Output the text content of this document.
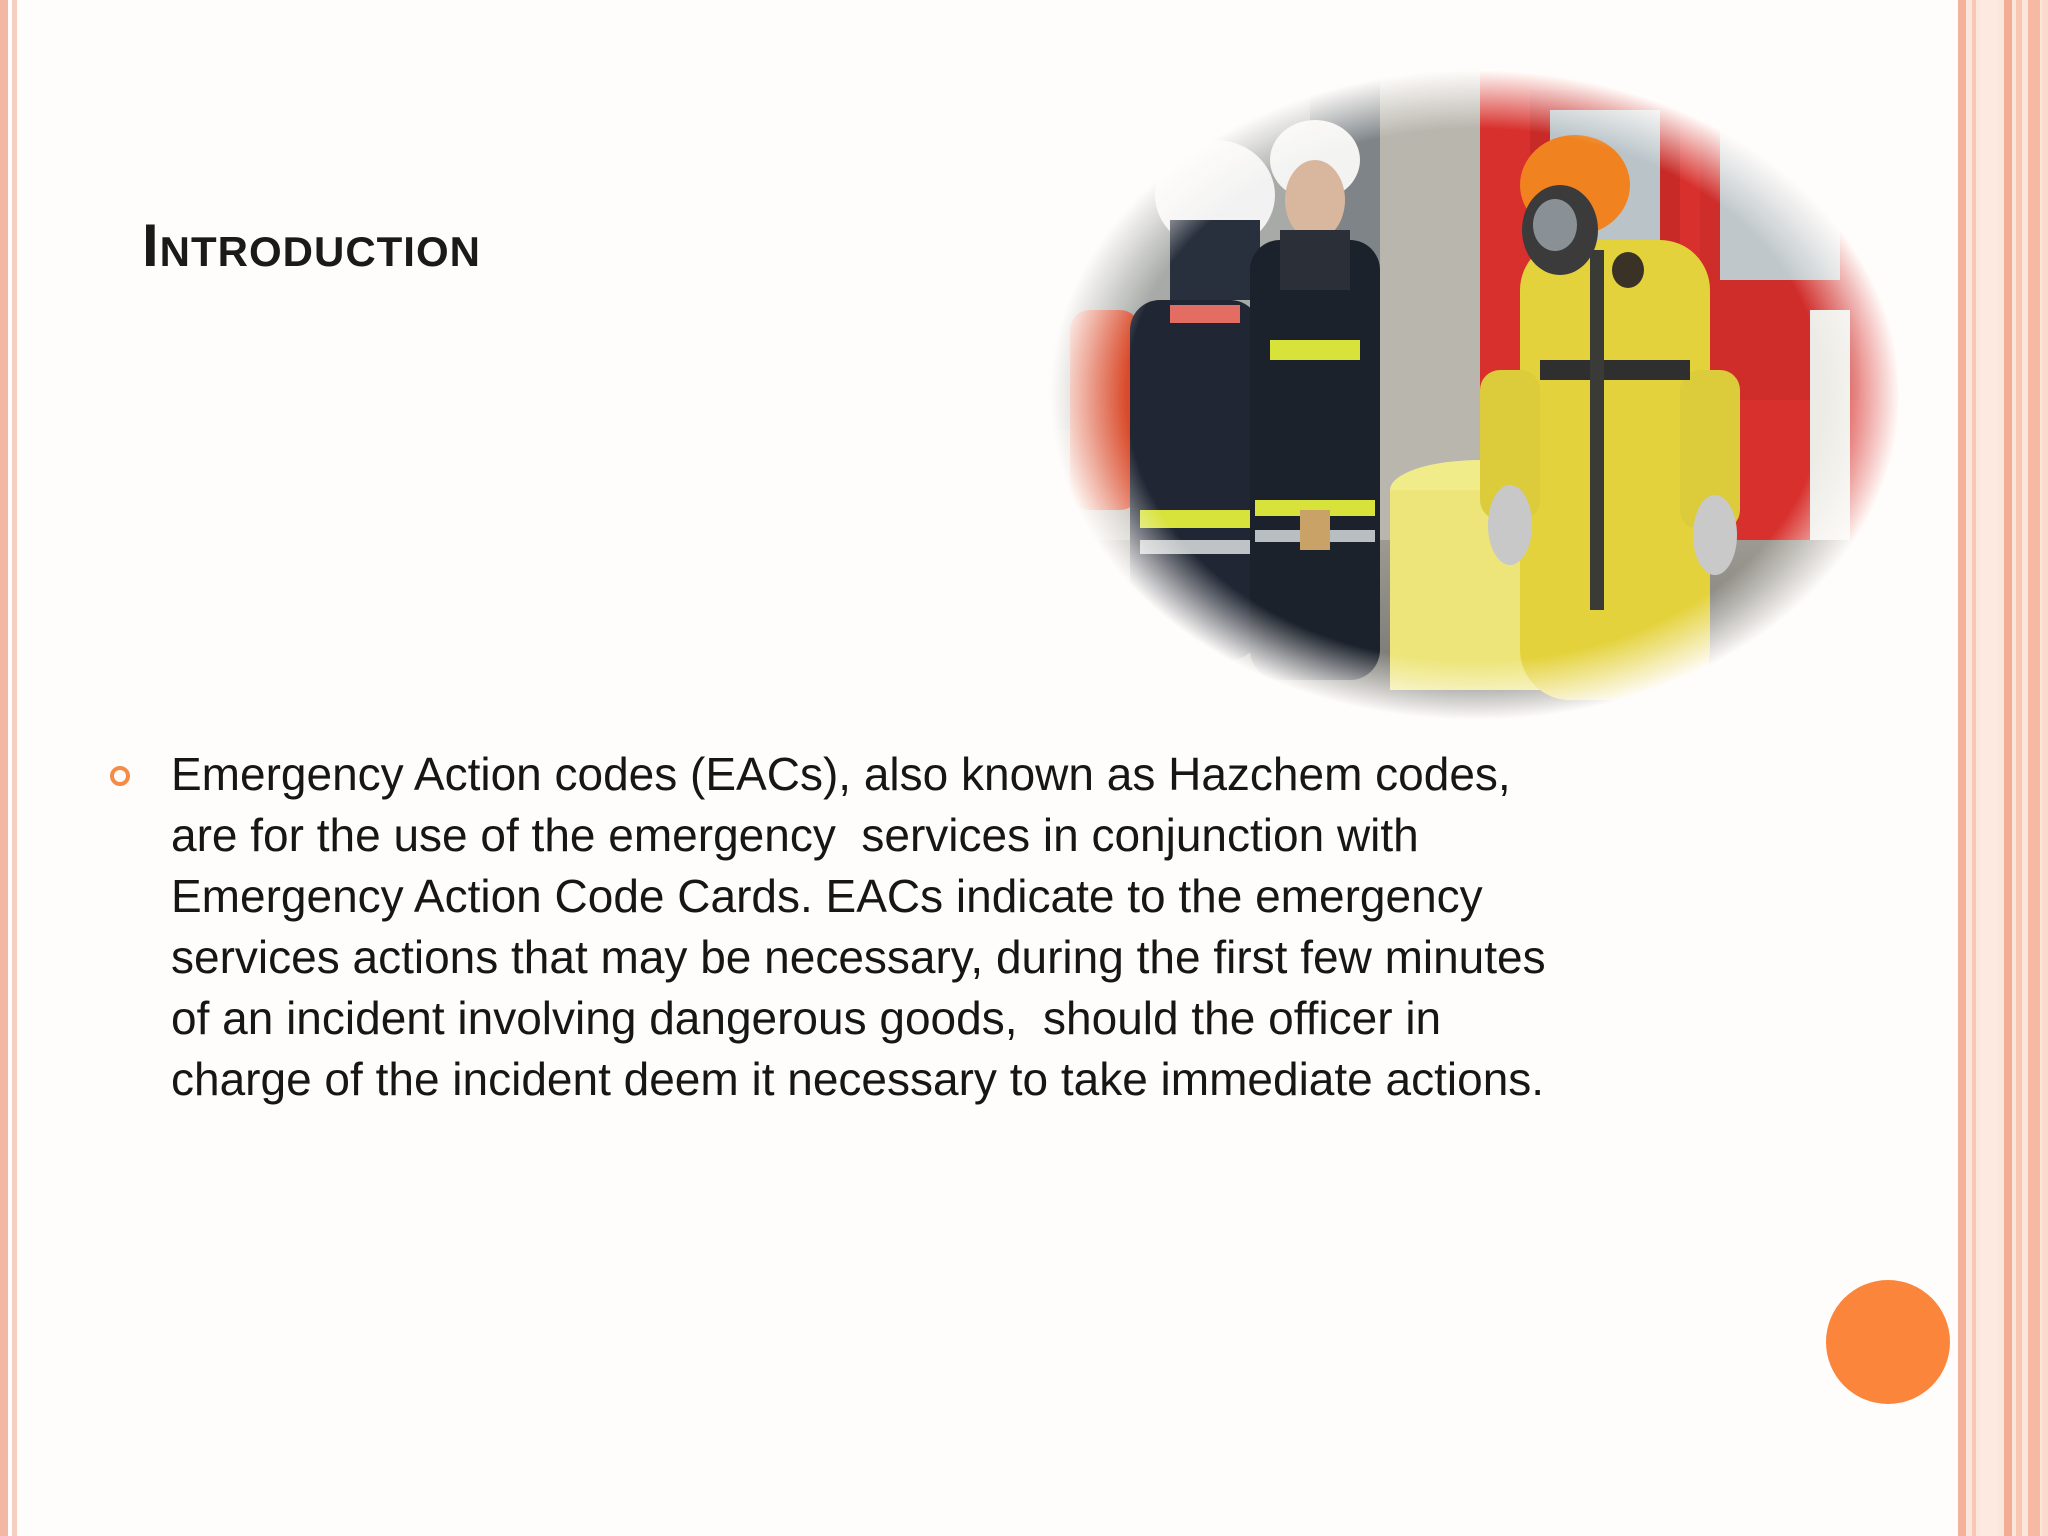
Introduction
Emergency Action codes (EACs), also known as Hazchem codes,
are for the use of the emergency  services in conjunction with
Emergency Action Code Cards. EACs indicate to the emergency
services actions that may be necessary, during the first few minutes
of an incident involving dangerous goods,  should the officer in
charge of the incident deem it necessary to take immediate actions.
